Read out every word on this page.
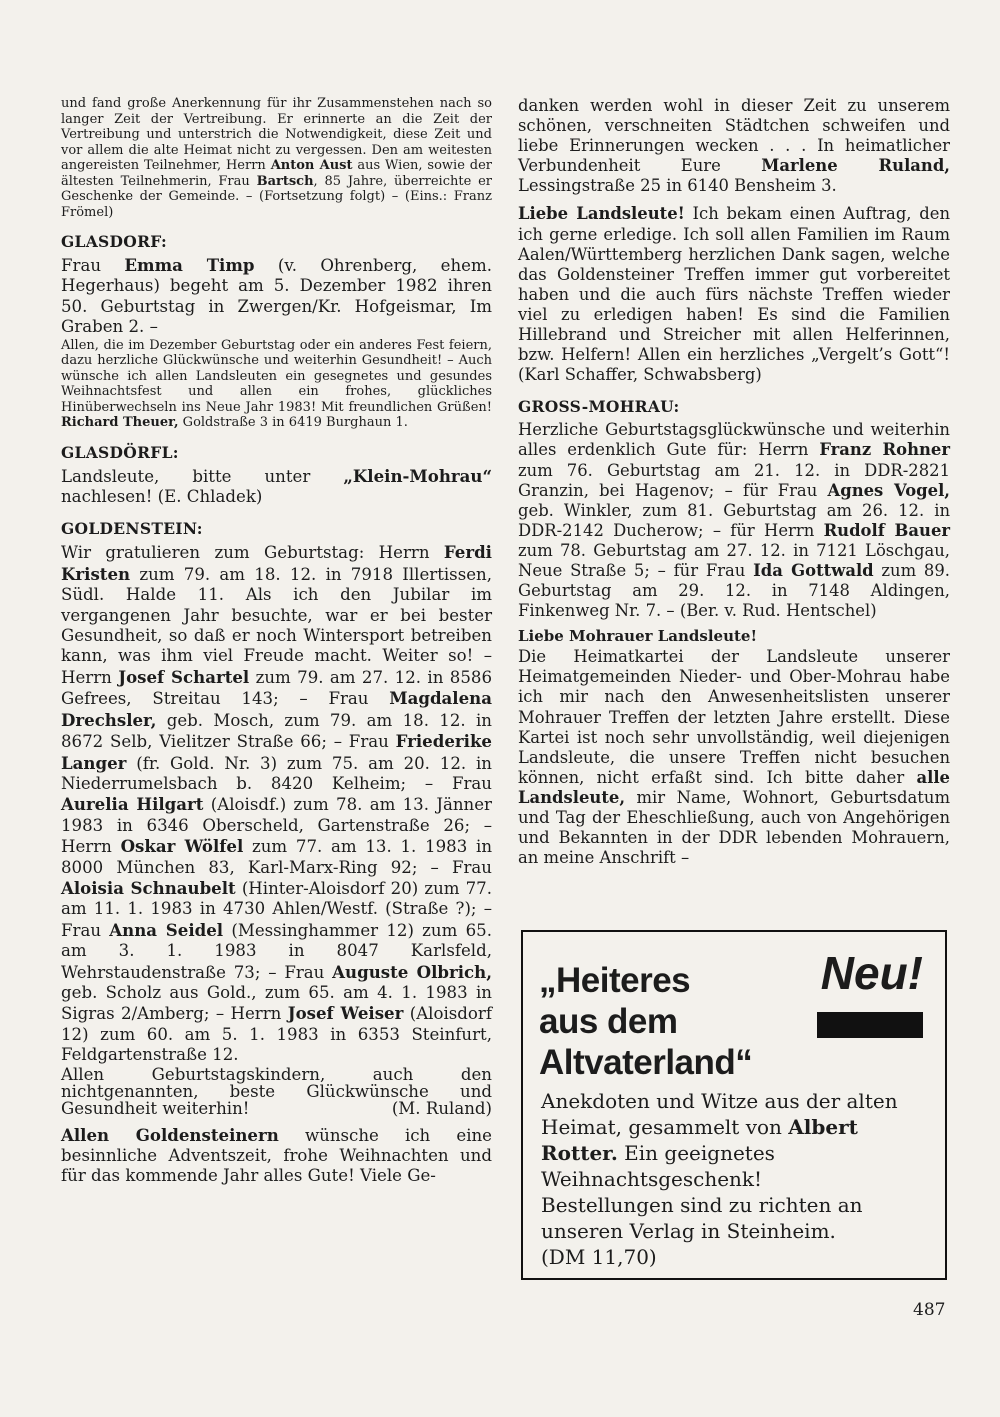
und fand große Anerkennung für ihr Zusammenstehen nach so langer Zeit der Vertreibung. Er erinnerte an die Zeit der Vertreibung und unterstrich die Notwendigkeit, diese Zeit und vor allem die alte Heimat nicht zu vergessen. Den am weitesten angereisten Teilnehmer, Herrn Anton Aust aus Wien, sowie der ältesten Teilnehmerin, Frau Bartsch, 85 Jahre, überreichte er Geschenke der Gemeinde. – (Fortsetzung folgt) – (Eins.: Franz Frömel)

GLASDORF:

Frau Emma Timp (v. Ohrenberg, ehem. Hegerhaus) begeht am 5. Dezember 1982 ihren 50. Geburtstag in Zwergen/Kr. Hofgeismar, Im Graben 2. –

Allen, die im Dezember Geburtstag oder ein anderes Fest feiern, dazu herzliche Glückwünsche und weiterhin Gesundheit! – Auch wünsche ich allen Landsleuten ein gesegnetes und gesundes Weihnachtsfest und allen ein frohes, glückliches Hinüberwechseln ins Neue Jahr 1983! Mit freundlichen Grüßen! Richard Theuer, Goldstraße 3 in 6419 Burghaun 1.

GLASDÖRFL:

Landsleute, bitte unter „Klein-Mohrau“ nachlesen! (E. Chladek)

GOLDENSTEIN:

Wir gratulieren zum Geburtstag: Herrn Ferdi Kristen zum 79. am 18. 12. in 7918 Illertissen, Südl. Halde 11. Als ich den Jubilar im vergangenen Jahr besuchte, war er bei bester Gesundheit, so daß er noch Wintersport betreiben kann, was ihm viel Freude macht. Weiter so! – Herrn Josef Schartel zum 79. am 27. 12. in 8586 Gefrees, Streitau 143; – Frau Magdalena Drechsler, geb. Mosch, zum 79. am 18. 12. in 8672 Selb, Vielitzer Straße 66; – Frau Friederike Langer (fr. Gold. Nr. 3) zum 75. am 20. 12. in Niederrumelsbach b. 8420 Kelheim; – Frau Aurelia Hilgart (Aloisdf.) zum 78. am 13. Jänner 1983 in 6346 Oberscheld, Gartenstraße 26; – Herrn Oskar Wölfel zum 77. am 13. 1. 1983 in 8000 München 83, Karl-Marx-Ring 92; – Frau Aloisia Schnaubelt (Hinter-Aloisdorf 20) zum 77. am 11. 1. 1983 in 4730 Ahlen/Westf. (Straße ?); – Frau Anna Seidel (Messinghammer 12) zum 65. am 3. 1. 1983 in 8047 Karlsfeld, Wehrstaudenstraße 73; – Frau Auguste Olbrich, geb. Scholz aus Gold., zum 65. am 4. 1. 1983 in Sigras 2/Amberg; – Herrn Josef Weiser (Aloisdorf 12) zum 60. am 5. 1. 1983 in 6353 Steinfurt, Feldgartenstraße 12.

Allen Geburtstagskindern, auch den nichtgenannten, beste Glückwünsche und Gesundheit weiterhin!	(M. Ruland)

Allen Goldensteinern wünsche ich eine besinnliche Adventszeit, frohe Weihnachten und für das kommende Jahr alles Gute! Viele Ge-

danken werden wohl in dieser Zeit zu unserem schönen, verschneiten Städtchen schweifen und liebe Erinnerungen wecken . . . In heimatlicher Verbundenheit Eure Marlene Ruland, Lessingstraße 25 in 6140 Bensheim 3.

Liebe Landsleute! Ich bekam einen Auftrag, den ich gerne erledige. Ich soll allen Familien im Raum Aalen/Württemberg herzlichen Dank sagen, welche das Goldensteiner Treffen immer gut vorbereitet haben und die auch fürs nächste Treffen wieder viel zu erledigen haben! Es sind die Familien Hillebrand und Streicher mit allen Helferinnen, bzw. Helfern! Allen ein herzliches „Vergelt’s Gott“! (Karl Schaffer, Schwabsberg)

GROSS-MOHRAU:

Herzliche Geburtstagsglückwünsche und weiterhin alles erdenklich Gute für: Herrn Franz Rohner zum 76. Geburtstag am 21. 12. in DDR-2821 Granzin, bei Hagenov; – für Frau Agnes Vogel, geb. Winkler, zum 81. Geburtstag am 26. 12. in DDR-2142 Ducherow; – für Herrn Rudolf Bauer zum 78. Geburtstag am 27. 12. in 7121 Löschgau, Neue Straße 5; – für Frau Ida Gottwald zum 89. Geburtstag am 29. 12. in 7148 Aldingen, Finkenweg Nr. 7. – (Ber. v. Rud. Hentschel)

Liebe Mohrauer Landsleute!

Die Heimatkartei der Landsleute unserer Heimatgemeinden Nieder- und Ober-Mohrau habe ich mir nach den Anwesenheitslisten unserer Mohrauer Treffen der letzten Jahre erstellt. Diese Kartei ist noch sehr unvollständig, weil diejenigen Landsleute, die unsere Treffen nicht besuchen können, nicht erfaßt sind. Ich bitte daher alle Landsleute, mir Name, Wohnort, Geburtsdatum und Tag der Eheschließung, auch von Angehörigen und Bekannten in der DDR lebenden Mohrauern, an meine Anschrift –

„Heiteres
aus dem
Altvaterland“
Neu!
Anekdoten und Witze aus der alten Heimat, gesammelt von Albert Rotter. Ein geeignetes Weihnachtsgeschenk!
Bestellungen sind zu richten an unseren Verlag in Steinheim.
(DM 11,70)
487
